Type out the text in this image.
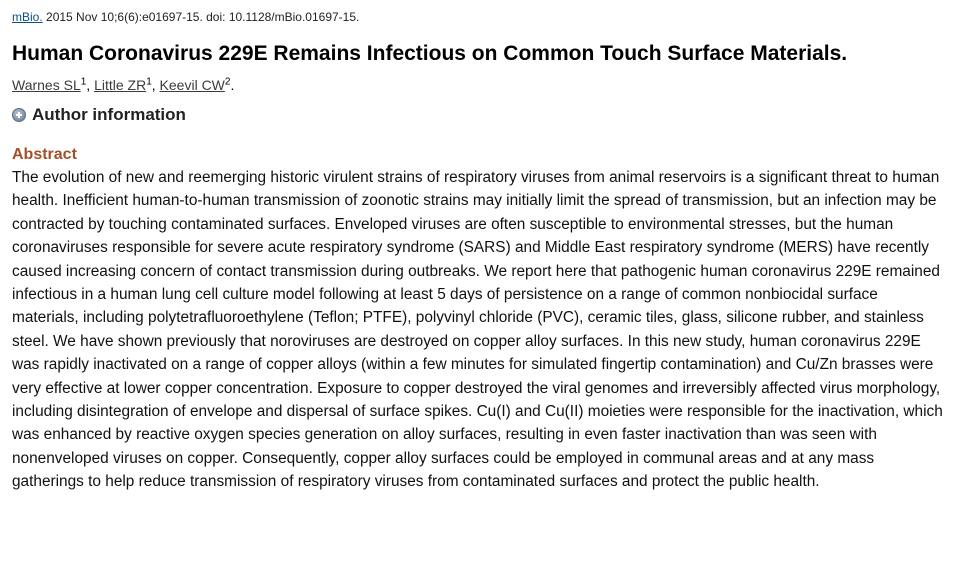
mBio. 2015 Nov 10;6(6):e01697-15. doi: 10.1128/mBio.01697-15.
Human Coronavirus 229E Remains Infectious on Common Touch Surface Materials.
Warnes $SL^1$, Little $ZR^1$, Keevil $CW^2$.
Author information
Abstract
The evolution of new and reemerging historic virulent strains of respiratory viruses from animal reservoirs is a significant threat to human health. Inefficient human-to-human transmission of zoonotic strains may initially limit the spread of transmission, but an infection may be contracted by touching contaminated surfaces. Enveloped viruses are often susceptible to environmental stresses, but the human coronaviruses responsible for severe acute respiratory syndrome (SARS) and Middle East respiratory syndrome (MERS) have recently caused increasing concern of contact transmission during outbreaks. We report here that pathogenic human coronavirus 229E remained infectious in a human lung cell culture model following at least 5 days of persistence on a range of common nonbiocidal surface materials, including polytetrafluoroethylene (Teflon; PTFE), polyvinyl chloride (PVC), ceramic tiles, glass, silicone rubber, and stainless steel. We have shown previously that noroviruses are destroyed on copper alloy surfaces. In this new study, human coronavirus 229E was rapidly inactivated on a range of copper alloys (within a few minutes for simulated fingertip contamination) and Cu/Zn brasses were very effective at lower copper concentration. Exposure to copper destroyed the viral genomes and irreversibly affected virus morphology, including disintegration of envelope and dispersal of surface spikes. Cu(I) and Cu(II) moieties were responsible for the inactivation, which was enhanced by reactive oxygen species generation on alloy surfaces, resulting in even faster inactivation than was seen with nonenveloped viruses on copper. Consequently, copper alloy surfaces could be employed in communal areas and at any mass gatherings to help reduce transmission of respiratory viruses from contaminated surfaces and protect the public health.
